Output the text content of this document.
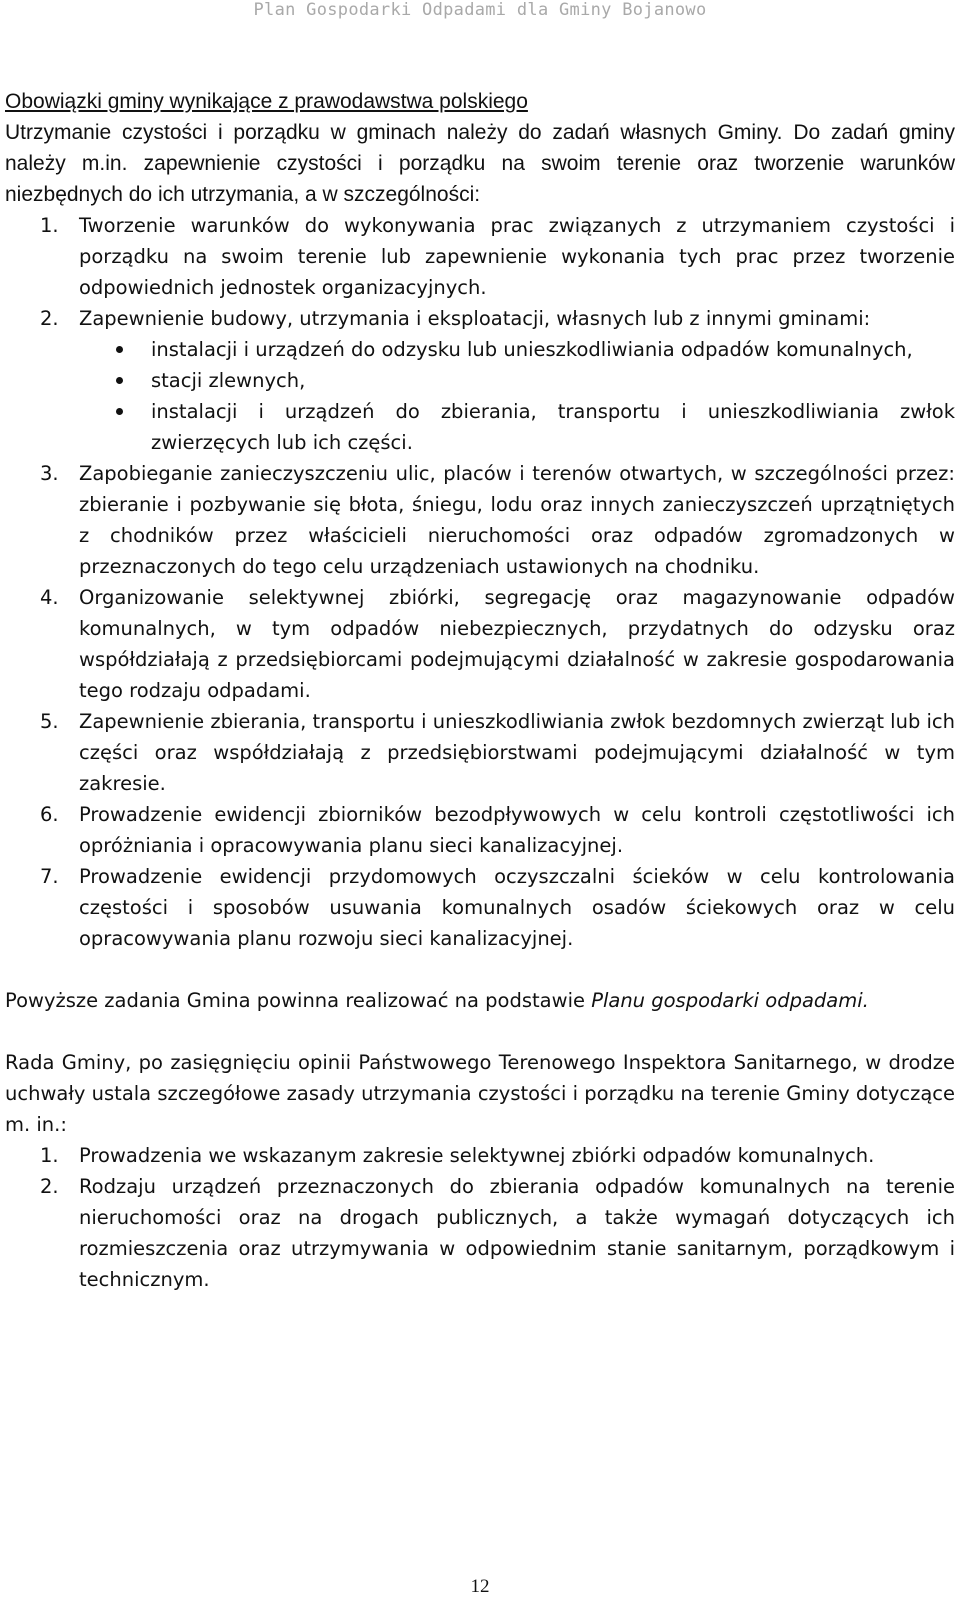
Plan Gospodarki Odpadami dla Gminy Bojanowo

Obowiązki gminy wynikające z prawodawstwa polskiego

Utrzymanie czystości i porządku w gminach należy do zadań własnych Gminy. Do zadań gminy należy m.in. zapewnienie czystości i porządku na swoim terenie oraz tworzenie warunków niezbędnych do ich utrzymania, a w szczególności:

1. Tworzenie warunków do wykonywania prac związanych z utrzymaniem czystości i porządku na swoim terenie lub zapewnienie wykonania tych prac przez tworzenie odpowiednich jednostek organizacyjnych.
2. Zapewnienie budowy, utrzymania i eksploatacji, własnych lub z innymi gminami:
instalacji i urządzeń do odzysku lub unieszkodliwiania odpadów komunalnych,
stacji zlewnych,
instalacji i urządzeń do zbierania, transportu i unieszkodliwiania zwłok zwierzęcych lub ich części.
3. Zapobieganie zanieczyszczeniu ulic, placów i terenów otwartych, w szczególności przez: zbieranie i pozbywanie się błota, śniegu, lodu oraz innych zanieczyszczeń uprzątniętych z chodników przez właścicieli nieruchomości oraz odpadów zgromadzonych w przeznaczonych do tego celu urządzeniach ustawionych na chodniku.
4. Organizowanie selektywnej zbiórki, segregację oraz magazynowanie odpadów komunalnych, w tym odpadów niebezpiecznych, przydatnych do odzysku oraz współdziałają z przedsiębiorcami podejmującymi działalność w zakresie gospodarowania tego rodzaju odpadami.
5. Zapewnienie zbierania, transportu i unieszkodliwiania zwłok bezdomnych zwierząt lub ich części oraz współdziałają z przedsiębiorstwami podejmującymi działalność w tym zakresie.
6. Prowadzenie ewidencji zbiorników bezodpływowych w celu kontroli częstotliwości ich opróżniania i opracowywania planu sieci kanalizacyjnej.
7. Prowadzenie ewidencji przydomowych oczyszczalni ścieków w celu kontrolowania częstości i sposobów usuwania komunalnych osadów ściekowych oraz w celu opracowywania planu rozwoju sieci kanalizacyjnej.

Powyższe zadania Gmina powinna realizować na podstawie Planu gospodarki odpadami.

Rada Gminy, po zasięgnięciu opinii Państwowego Terenowego Inspektora Sanitarnego, w drodze uchwały ustala szczegółowe zasady utrzymania czystości i porządku na terenie Gminy dotyczące m. in.:

1. Prowadzenia we wskazanym zakresie selektywnej zbiórki odpadów komunalnych.
2. Rodzaju urządzeń przeznaczonych do zbierania odpadów komunalnych na terenie nieruchomości oraz na drogach publicznych, a także wymagań dotyczących ich rozmieszczenia oraz utrzymywania w odpowiednim stanie sanitarnym, porządkowym i technicznym.
12
